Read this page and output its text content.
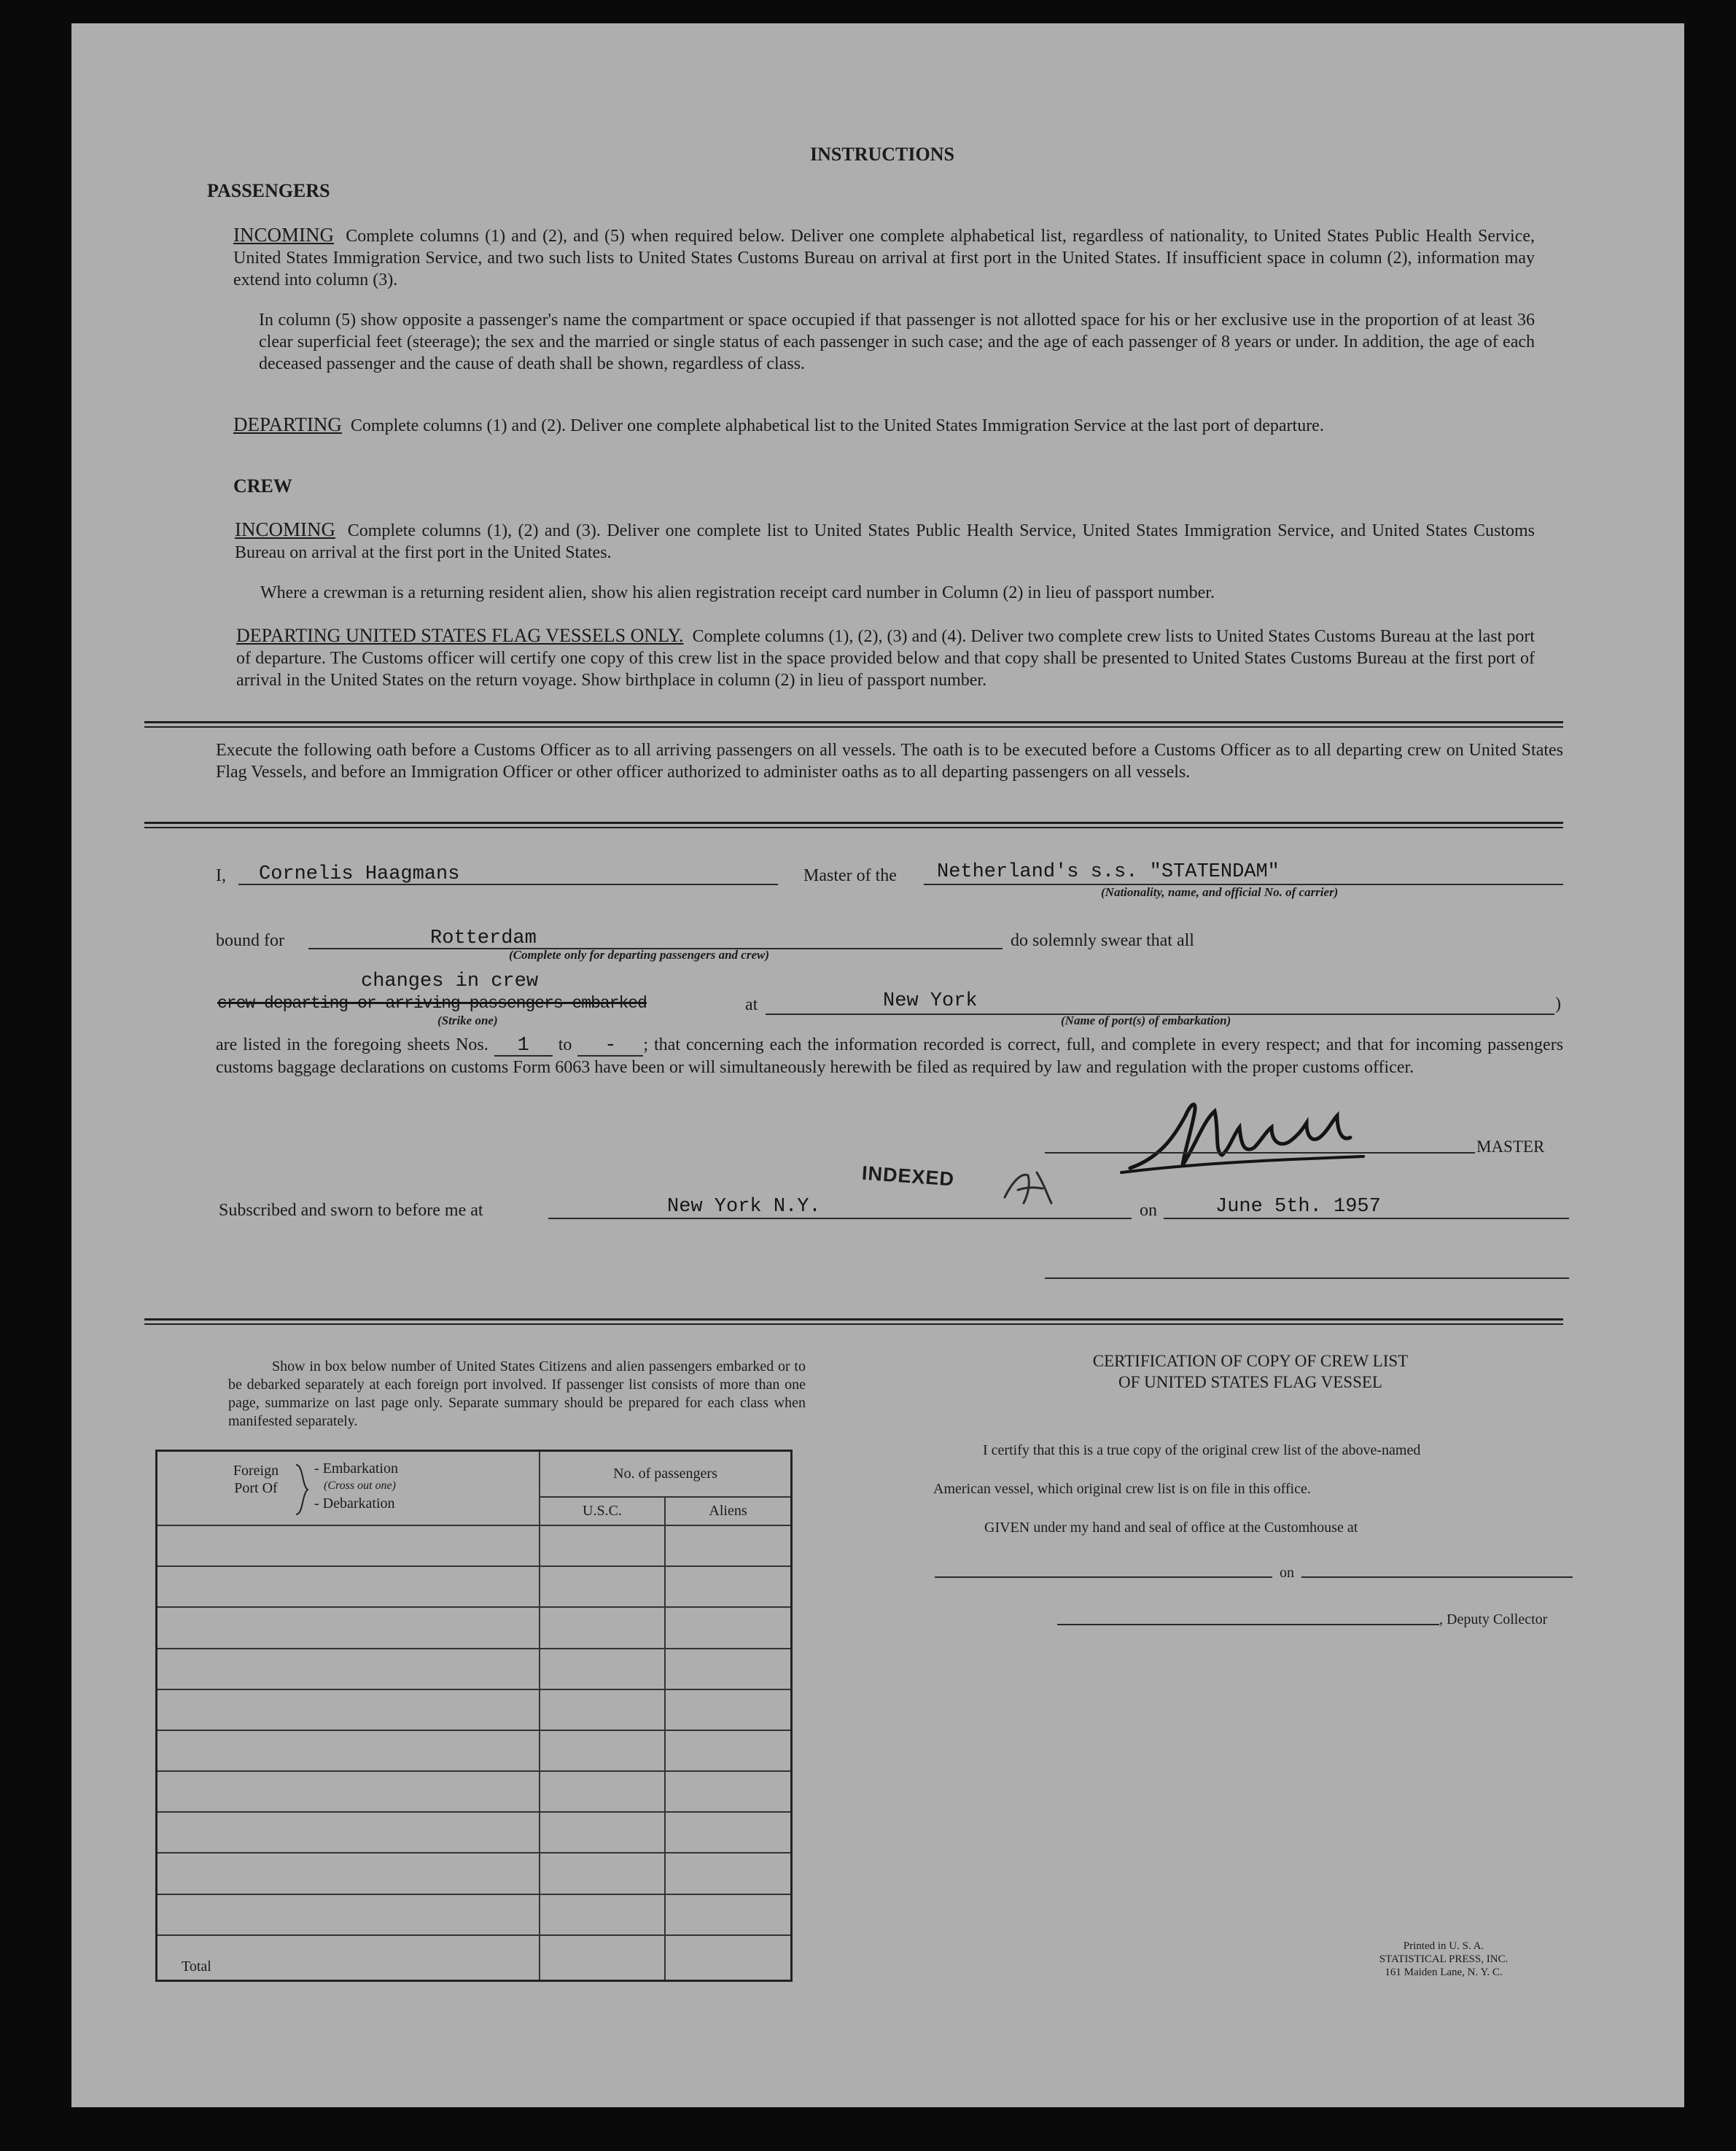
INSTRUCTIONS
PASSENGERS
INCOMING Complete columns (1) and (2), and (5) when required below. Deliver one complete alphabetical list, regardless of nationality, to United States Public Health Service, United States Immigration Service, and two such lists to United States Customs Bureau on arrival at first port in the United States. If insufficient space in column (2), information may extend into column (3).
In column (5) show opposite a passenger's name the compartment or space occupied if that passenger is not allotted space for his or her exclusive use in the proportion of at least 36 clear superficial feet (steerage); the sex and the married or single status of each passenger in such case; and the age of each passenger of 8 years or under. In addition, the age of each deceased passenger and the cause of death shall be shown, regardless of class.
DEPARTING Complete columns (1) and (2). Deliver one complete alphabetical list to the United States Immigration Service at the last port of departure.
CREW
INCOMING Complete columns (1), (2) and (3). Deliver one complete list to United States Public Health Service, United States Immigration Service, and United States Customs Bureau on arrival at the first port in the United States.
Where a crewman is a returning resident alien, show his alien registration receipt card number in Column (2) in lieu of passport number.
DEPARTING UNITED STATES FLAG VESSELS ONLY. Complete columns (1), (2), (3) and (4). Deliver two complete crew lists to United States Customs Bureau at the last port of departure. The Customs officer will certify one copy of this crew list in the space provided below and that copy shall be presented to United States Customs Bureau at the first port of arrival in the United States on the return voyage. Show birthplace in column (2) in lieu of passport number.
Execute the following oath before a Customs Officer as to all arriving passengers on all vessels. The oath is to be executed before a Customs Officer as to all departing crew on United States Flag Vessels, and before an Immigration Officer or other officer authorized to administer oaths as to all departing passengers on all vessels.
I, Cornelis Haagmans	Master of the Netherland's s.s. "STATENDAM"
(Nationality, name, and official No. of carrier)
bound for	Rotterdam
(Complete only for departing passengers and crew)
do solemnly swear that all
changes in crew
crew departing or arriving passengers embarked	at	New York	)
(Strike one)	(Name of port(s) of embarkation)
are listed in the foregoing sheets Nos. 1 to - ; that concerning each the information recorded is correct, full, and complete in every respect; and that for incoming passengers customs baggage declarations on customs Form 6063 have been or will simultaneously herewith be filed as required by law and regulation with the proper customs officer.
MASTER
INDEXED
Subscribed and sworn to before me at	New York N.Y.	on	June 5th. 1957
Show in box below number of United States Citizens and alien passengers embarked or to be debarked separately at each foreign port involved. If passenger list consists of more than one page, summarize on last page only. Separate summary should be prepared for each class when manifested separately.
Foreign Port Of
- Embarkation
(Cross out one)
- Debarkation	No. of passengers	
	U.S.C.	Aliens

Total		
CERTIFICATION OF COPY OF CREW LIST
OF UNITED STATES FLAG VESSEL
I certify that this is a true copy of the original crew list of the above-named
American vessel, which original crew list is on file in this office.
GIVEN under my hand and seal of office at the Customhouse at
on
, Deputy Collector
Printed in U. S. A.
STATISTICAL PRESS, INC.
161 Maiden Lane, N. Y. C.
